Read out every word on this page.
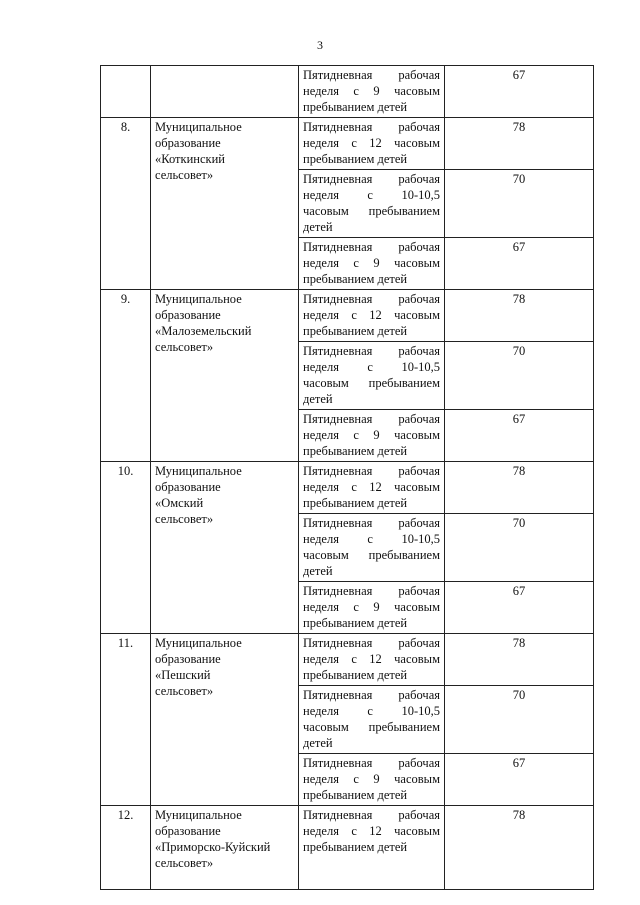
3

		Пятидневная рабочая
неделя с 9 часовым
пребыванием детей	67
8.	Муниципальное
образование
«Коткинский
сельсовет»	Пятидневная рабочая
неделя с 12 часовым
пребыванием детей	78

		Пятидневная рабочая
неделя с 10-10,5
часовым пребыванием
детей	70

		Пятидневная рабочая
неделя с 9 часовым
пребыванием детей	67
9.	Муниципальное
образование
«Малоземельский
сельсовет»	Пятидневная рабочая
неделя с 12 часовым
пребыванием детей	78

		Пятидневная рабочая
неделя с 10-10,5
часовым пребыванием
детей	70

		Пятидневная рабочая
неделя с 9 часовым
пребыванием детей	67
10.	Муниципальное
образование
«Омский
сельсовет»	Пятидневная рабочая
неделя с 12 часовым
пребыванием детей	78

		Пятидневная рабочая
неделя с 10-10,5
часовым пребыванием
детей	70

		Пятидневная рабочая
неделя с 9 часовым
пребыванием детей	67
11.	Муниципальное
образование
«Пешский
сельсовет»	Пятидневная рабочая
неделя с 12 часовым
пребыванием детей	78

		Пятидневная рабочая
неделя с 10-10,5
часовым пребыванием
детей	70

		Пятидневная рабочая
неделя с 9 часовым
пребыванием детей	67
12.	Муниципальное
образование
«Приморско-Куйский
сельсовет»	Пятидневная рабочая
неделя с 12 часовым
пребыванием детей	78
